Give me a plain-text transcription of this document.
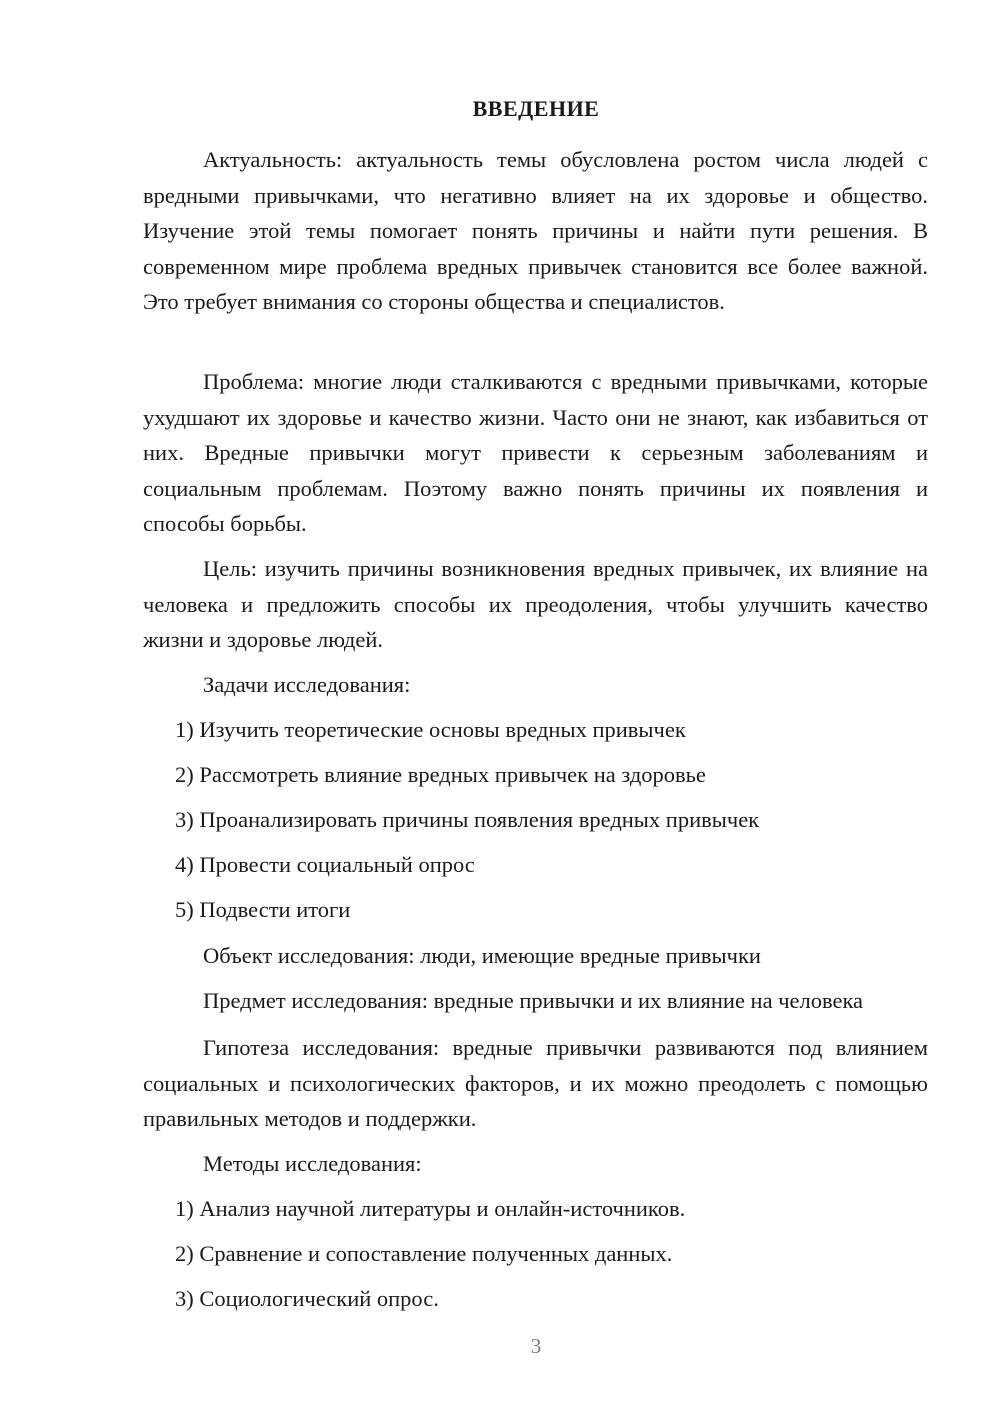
ВВЕДЕНИЕ
Актуальность: актуальность темы обусловлена ростом числа людей с вредными привычками, что негативно влияет на их здоровье и общество. Изучение этой темы помогает понять причины и найти пути решения. В современном мире проблема вредных привычек становится все более важной. Это требует внимания со стороны общества и специалистов.
Проблема: многие люди сталкиваются с вредными привычками, которые ухудшают их здоровье и качество жизни. Часто они не знают, как избавиться от них. Вредные привычки могут привести к серьезным заболеваниям и социальным проблемам. Поэтому важно понять причины их появления и способы борьбы.
Цель: изучить причины возникновения вредных привычек, их влияние на человека и предложить способы их преодоления, чтобы улучшить качество жизни и здоровье людей.
Задачи исследования:
1) Изучить теоретические основы вредных привычек
2) Рассмотреть влияние вредных привычек на здоровье
3) Проанализировать причины появления вредных привычек
4) Провести социальный опрос
5) Подвести итоги
Объект исследования: люди, имеющие вредные привычки
Предмет исследования: вредные привычки и их влияние на человека
Гипотеза исследования: вредные привычки развиваются под влиянием социальных и психологических факторов, и их можно преодолеть с помощью правильных методов и поддержки.
Методы исследования:
1) Анализ научной литературы и онлайн-источников.
2) Сравнение и сопоставление полученных данных.
3) Социологический опрос.
3
